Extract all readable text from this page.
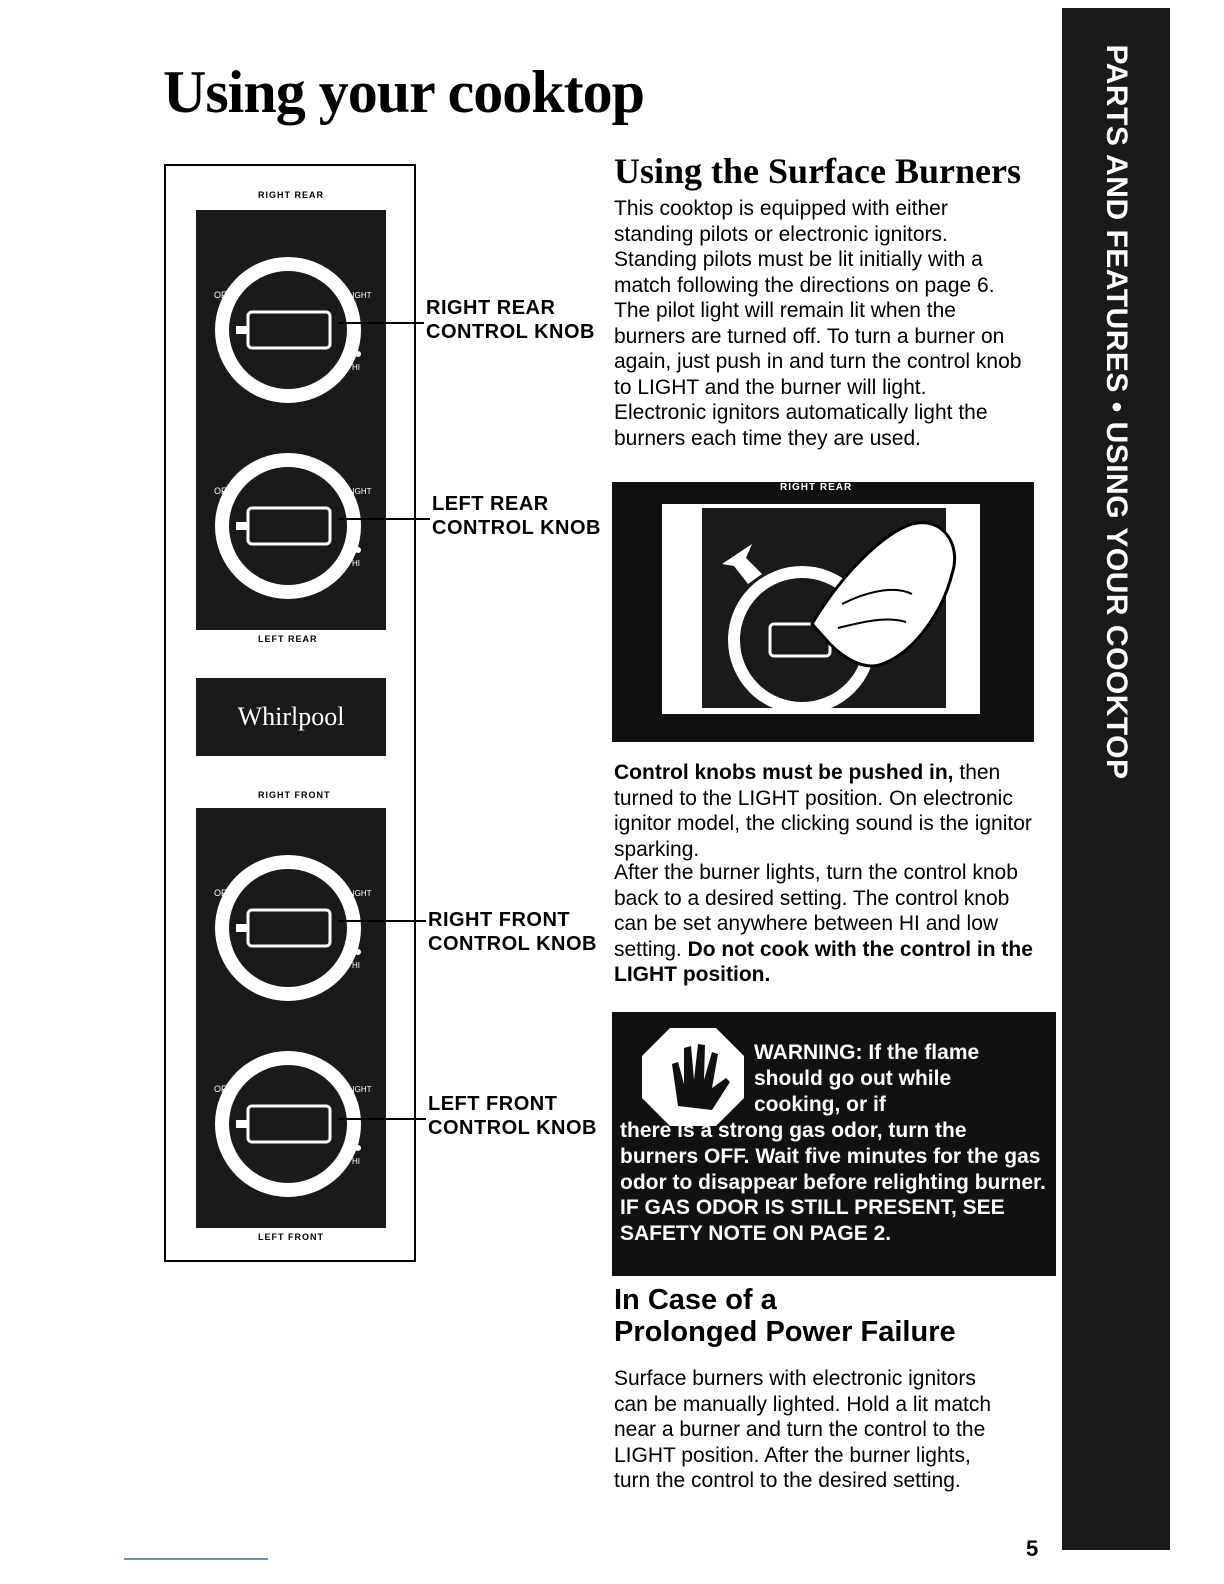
Using your cooktop	PARTS AND FEATURES • USING YOUR COOKTOP
RIGHT REAR
OFF	LIGHT
HI
OFF	LIGHT
HI
LEFT REAR
Whirlpool
RIGHT FRONT
OFF	LIGHT
HI
OFF	LIGHT
HI
LEFT FRONT
RIGHT REAR
CONTROL KNOB
LEFT REAR
CONTROL KNOB
RIGHT FRONT
CONTROL KNOB
LEFT FRONT
CONTROL KNOB
Using the Surface Burners

This cooktop is equipped with either standing pilots or electronic ignitors. Standing pilots must be lit initially with a match following the directions on page 6. The pilot light will remain lit when the burners are turned off. To turn a burner on again, just push in and turn the control knob to LIGHT and the burner will light. Electronic ignitors automatically light the burners each time they are used.

RIGHT REAR

Control knobs must be pushed in, then turned to the LIGHT position. On electronic ignitor model, the clicking sound is the ignitor sparking.

After the burner lights, turn the control knob back to a desired setting. The control knob can be set anywhere between HI and low setting. Do not cook with the control in the LIGHT position.

WARNING: If the flame should go out while cooking, or if

there is a strong gas odor, turn the burners OFF. Wait five minutes for the gas odor to disappear before relighting burner. IF GAS ODOR IS STILL PRESENT, SEE SAFETY NOTE ON PAGE 2.

In Case of a
Prolonged Power Failure

Surface burners with electronic ignitors can be manually lighted. Hold a lit match near a burner and turn the control to the LIGHT position. After the burner lights, turn the control to the desired setting.

5
